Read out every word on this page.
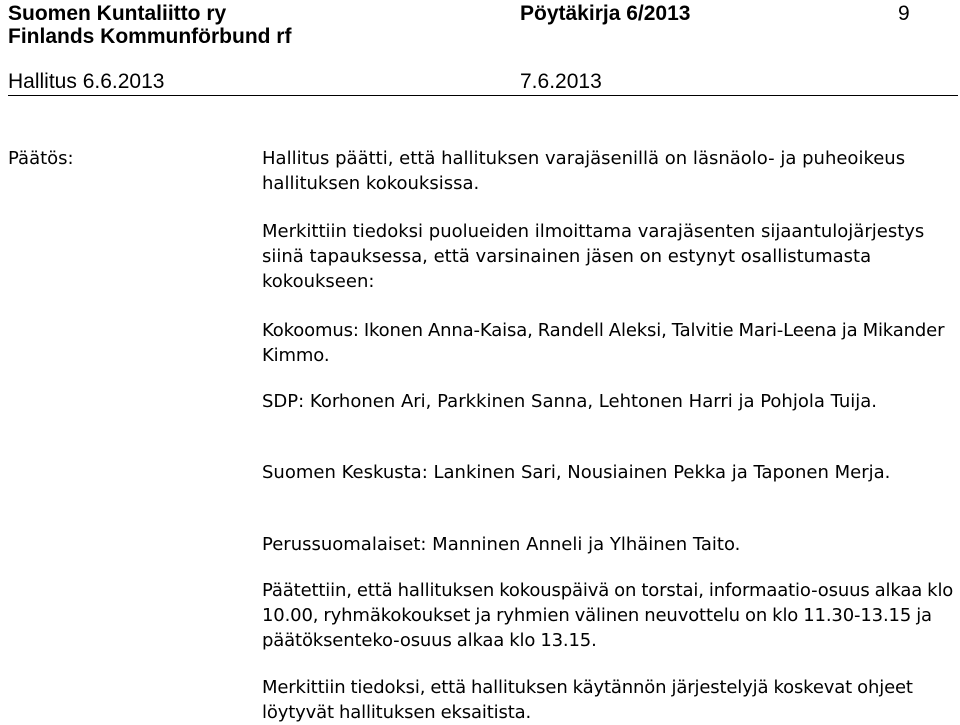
Suomen Kuntaliitto ry
Finlands Kommunförbund rf
Pöytäkirja 6/2013	9
Hallitus 6.6.2013	7.6.2013
Päätös:	Hallitus päätti, että hallituksen varajäsenillä on läsnäolo- ja puheoikeus hallituksen kokouksissa.

Merkittiin tiedoksi puolueiden ilmoittama varajäsenten sijaantulojärjestys siinä tapauksessa, että varsinainen jäsen on estynyt osallistumasta kokoukseen:

Kokoomus: Ikonen Anna-Kaisa, Randell Aleksi, Talvitie Mari-Leena ja Mikander Kimmo.

SDP: Korhonen Ari, Parkkinen Sanna, Lehtonen Harri ja Pohjola Tuija.

Suomen Keskusta: Lankinen Sari, Nousiainen Pekka ja Taponen Merja.

Perussuomalaiset: Manninen Anneli ja Ylhäinen Taito.

Päätettiin, että hallituksen kokouspäivä on torstai, informaatio-osuus alkaa klo 10.00, ryhmäkokoukset ja ryhmien välinen neuvottelu on klo 11.30-13.15 ja päätöksenteko-osuus alkaa klo 13.15.

Merkittiin tiedoksi, että hallituksen käytännön järjestelyjä koskevat ohjeet löytyvät hallituksen eksaitista.
